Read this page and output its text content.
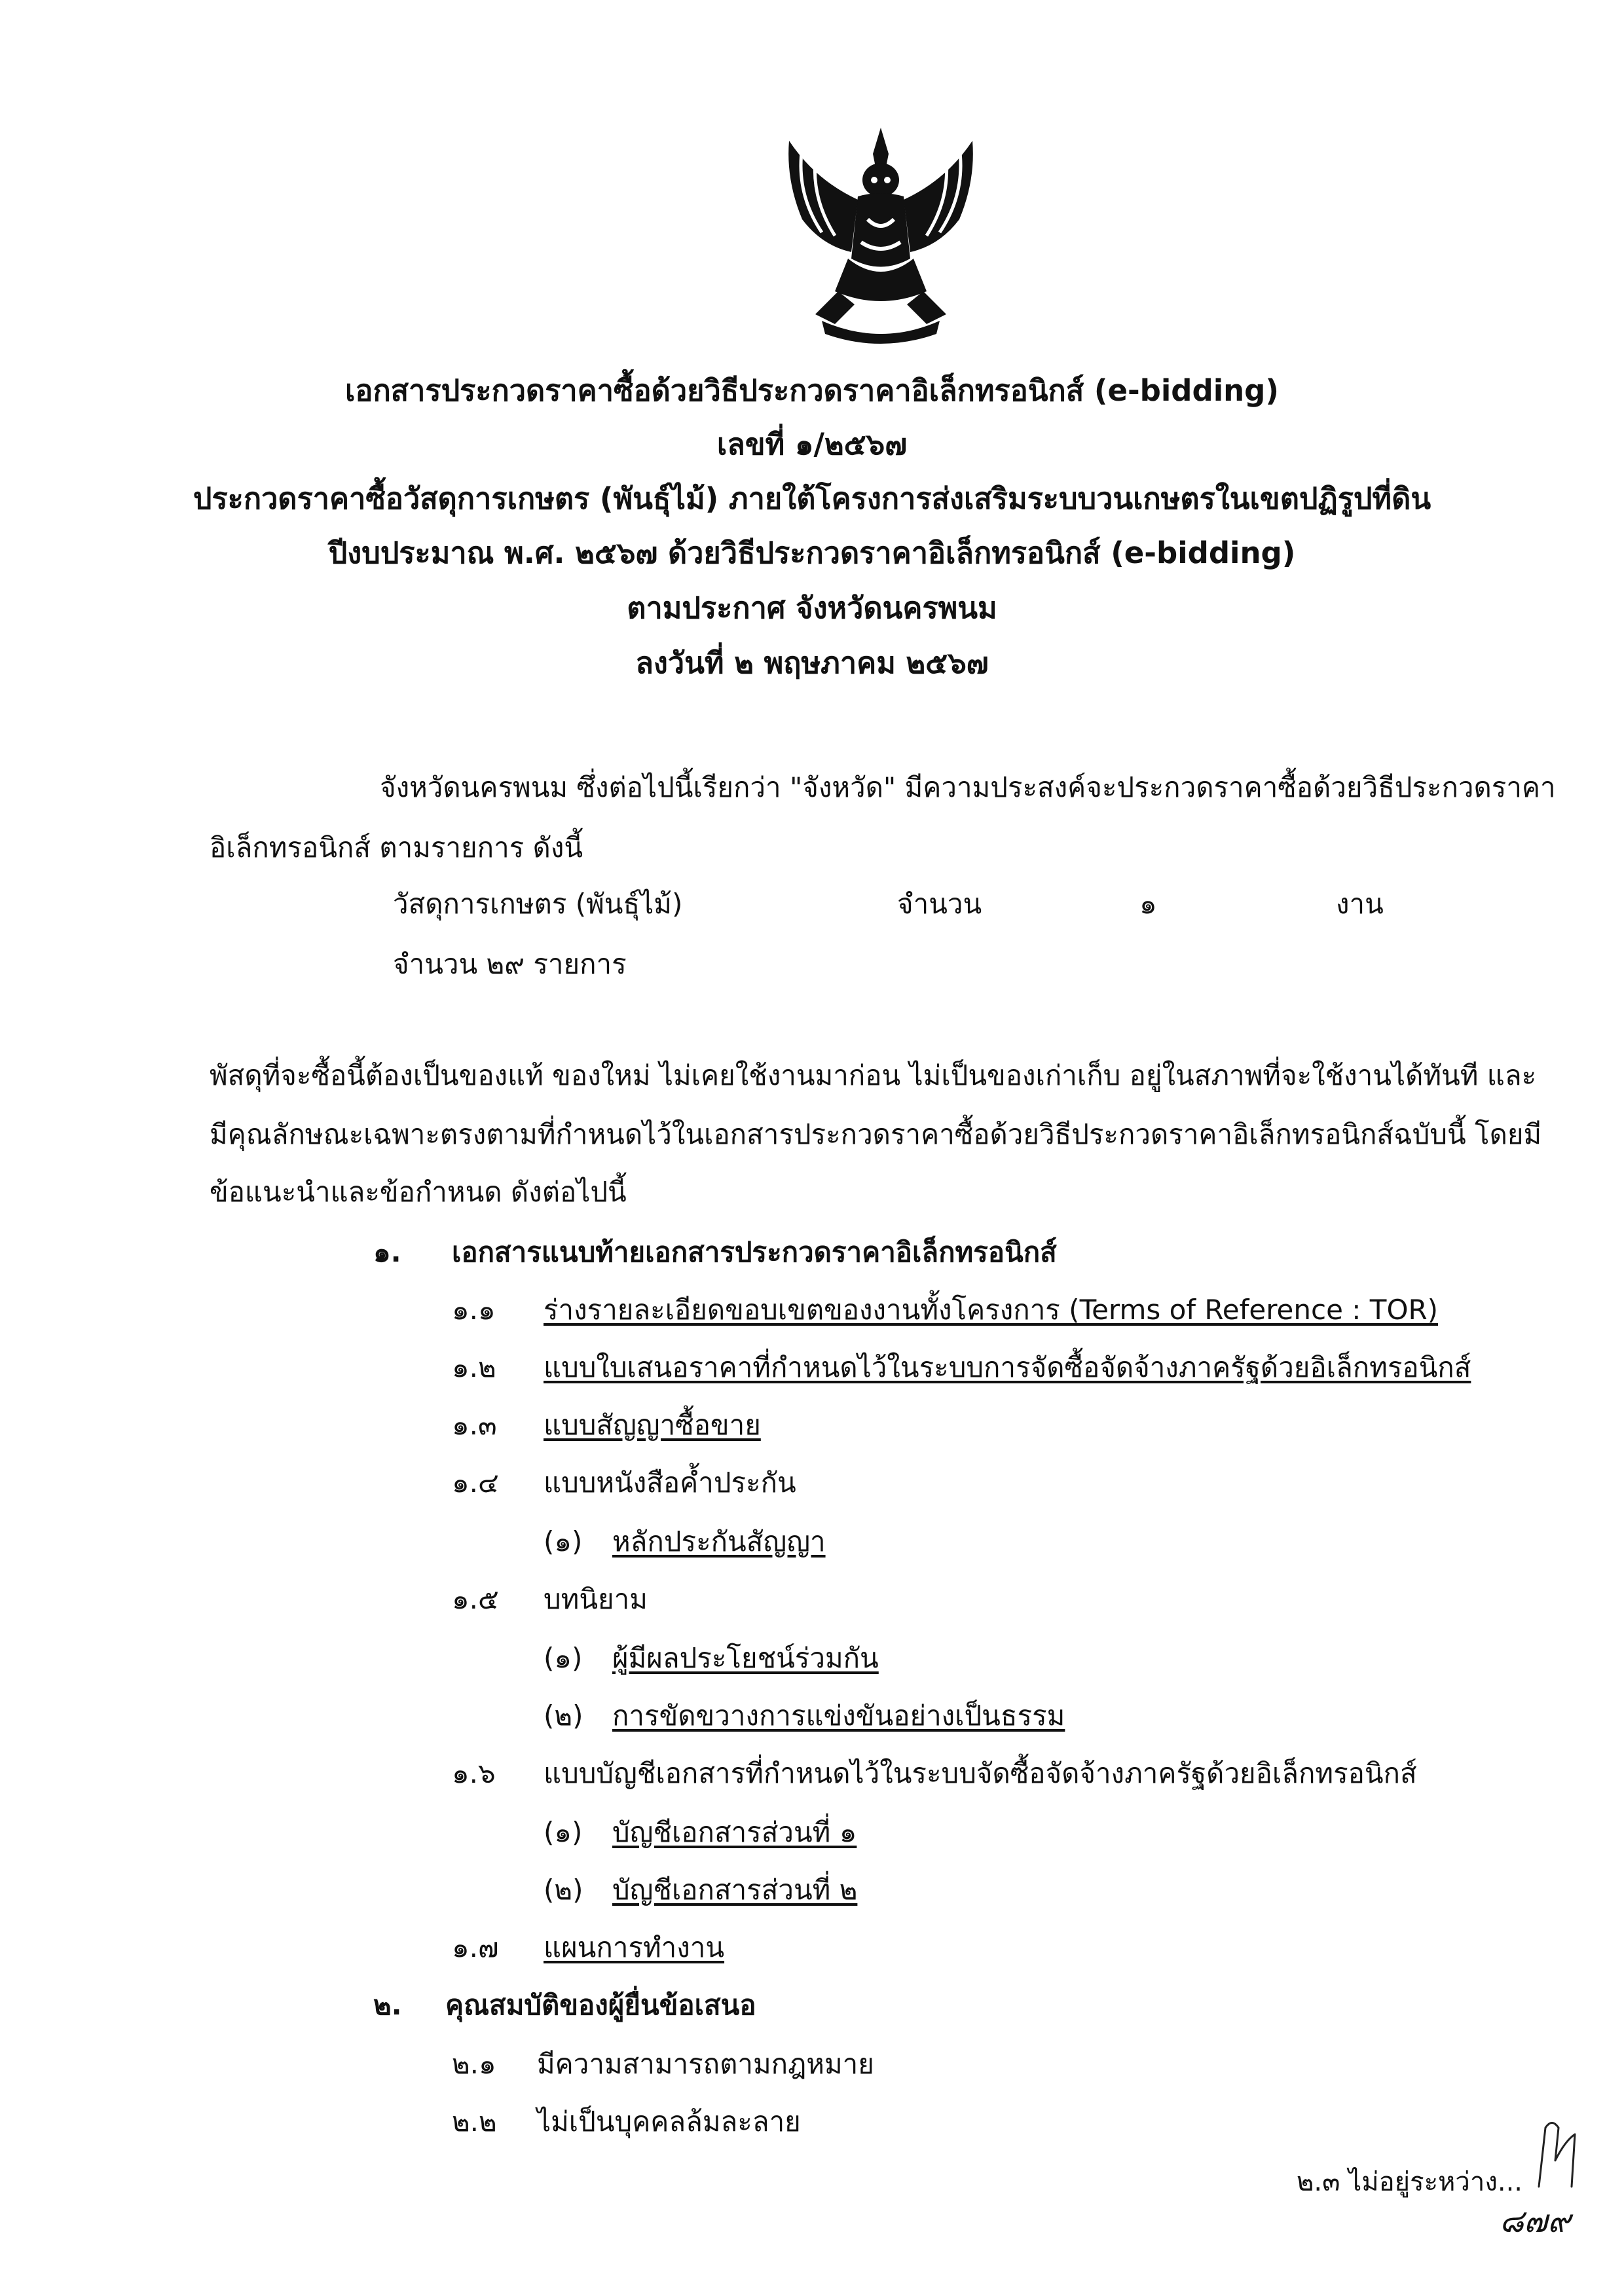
เอกสารประกวดราคาซื้อด้วยวิธีประกวดราคาอิเล็กทรอนิกส์ (e-bidding)
เลขที่ ๑/๒๕๖๗
ประกวดราคาซื้อวัสดุการเกษตร (พันธุ์ไม้) ภายใต้โครงการส่งเสริมระบบวนเกษตรในเขตปฏิรูปที่ดิน
ปีงบประมาณ พ.ศ. ๒๕๖๗ ด้วยวิธีประกวดราคาอิเล็กทรอนิกส์ (e-bidding)
ตามประกาศ จังหวัดนครพนม
ลงวันที่ ๒ พฤษภาคม ๒๕๖๗
จังหวัดนครพนม ซึ่งต่อไปนี้เรียกว่า "จังหวัด" มีความประสงค์จะประกวดราคาซื้อด้วยวิธีประกวดราคา
อิเล็กทรอนิกส์ ตามรายการ ดังนี้
วัสดุการเกษตร (พันธุ์ไม้)	จำนวน	๑	งาน
จำนวน ๒๙ รายการ
พัสดุที่จะซื้อนี้ต้องเป็นของแท้ ของใหม่ ไม่เคยใช้งานมาก่อน ไม่เป็นของเก่าเก็บ อยู่ในสภาพที่จะใช้งานได้ทันที และ
มีคุณลักษณะเฉพาะตรงตามที่กำหนดไว้ในเอกสารประกวดราคาซื้อด้วยวิธีประกวดราคาอิเล็กทรอนิกส์ฉบับนี้ โดยมี
ข้อแนะนำและข้อกำหนด ดังต่อไปนี้
๑. เอกสารแนบท้ายเอกสารประกวดราคาอิเล็กทรอนิกส์
๑.๑ ร่างรายละเอียดขอบเขตของงานทั้งโครงการ (Terms of Reference : TOR)
๑.๒ แบบใบเสนอราคาที่กำหนดไว้ในระบบการจัดซื้อจัดจ้างภาครัฐด้วยอิเล็กทรอนิกส์
๑.๓ แบบสัญญาซื้อขาย
๑.๔ แบบหนังสือค้ำประกัน
(๑) หลักประกันสัญญา
๑.๕ บทนิยาม
(๑) ผู้มีผลประโยชน์ร่วมกัน
(๒) การขัดขวางการแข่งขันอย่างเป็นธรรม
๑.๖ แบบบัญชีเอกสารที่กำหนดไว้ในระบบจัดซื้อจัดจ้างภาครัฐด้วยอิเล็กทรอนิกส์
(๑) บัญชีเอกสารส่วนที่ ๑
(๒) บัญชีเอกสารส่วนที่ ๒
๑.๗ แผนการทำงาน
๒. คุณสมบัติของผู้ยื่นข้อเสนอ
๒.๑ มีความสามารถตามกฎหมาย
๒.๒ ไม่เป็นบุคคลล้มละลาย
๒.๓ ไม่อยู่ระหว่าง...
๘๗๙
